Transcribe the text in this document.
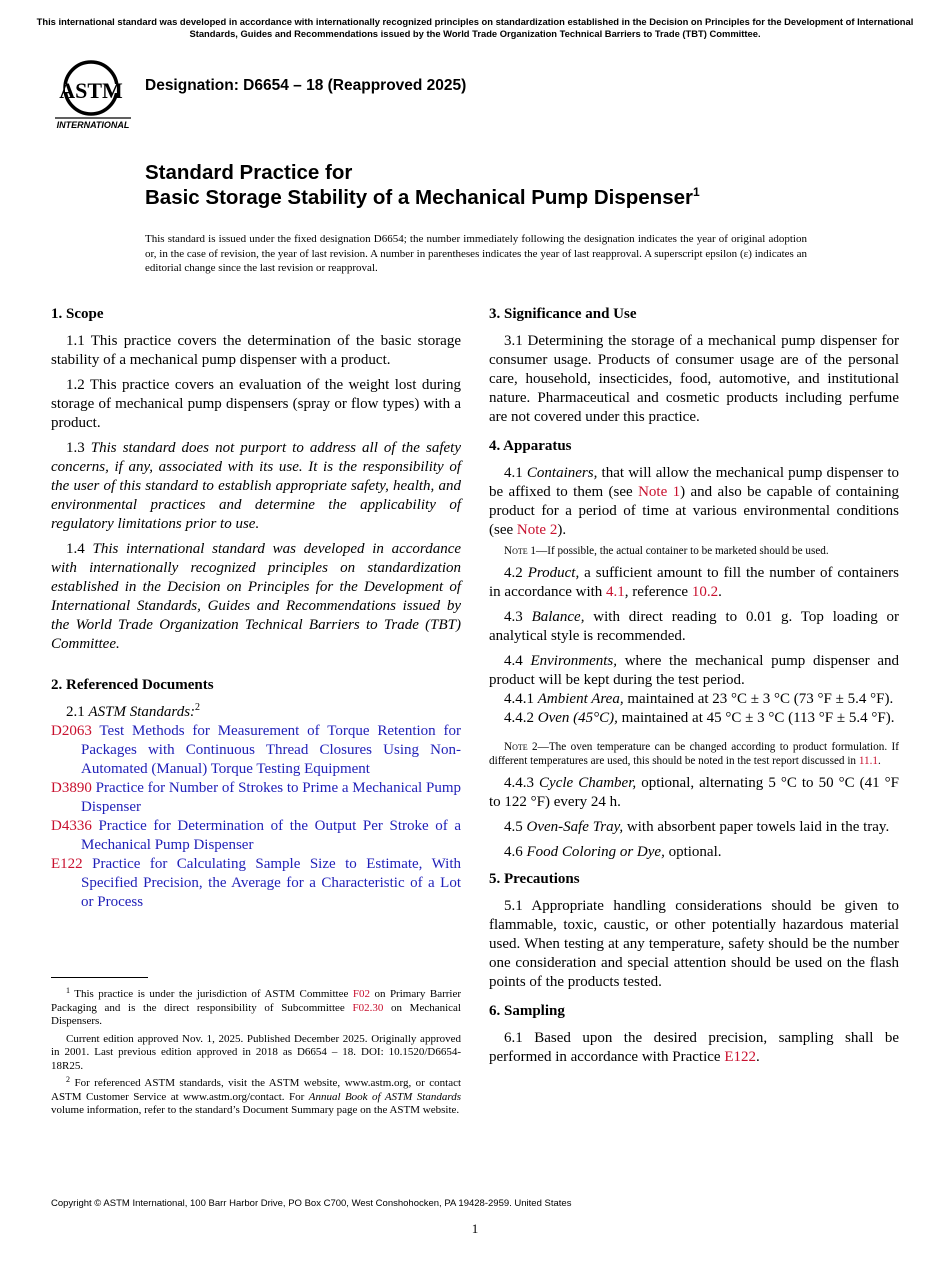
This international standard was developed in accordance with internationally recognized principles on standardization established in the Decision on Principles for the Development of International Standards, Guides and Recommendations issued by the World Trade Organization Technical Barriers to Trade (TBT) Committee.

ASTM
INTERNATIONAL

Designation: D6654 – 18 (Reapproved 2025)

Standard Practice for
Basic Storage Stability of a Mechanical Pump Dispenser$^1$

This standard is issued under the fixed designation D6654; the number immediately following the designation indicates the year of original adoption or, in the case of revision, the year of last revision. A number in parentheses indicates the year of last reapproval. A superscript epsilon (ε) indicates an editorial change since the last revision or reapproval.

1. Scope

1.1 This practice covers the determination of the basic storage stability of a mechanical pump dispenser with a product.

1.2 This practice covers an evaluation of the weight lost during storage of mechanical pump dispensers (spray or flow types) with a product.

1.3 This standard does not purport to address all of the safety concerns, if any, associated with its use. It is the responsibility of the user of this standard to establish appropriate safety, health, and environmental practices and determine the applicability of regulatory limitations prior to use.

1.4 This international standard was developed in accordance with internationally recognized principles on standardization established in the Decision on Principles for the Development of International Standards, Guides and Recommendations issued by the World Trade Organization Technical Barriers to Trade (TBT) Committee.

2. Referenced Documents

2.1 ASTM Standards:$^2$

D2063 Test Methods for Measurement of Torque Retention for Packages with Continuous Thread Closures Using Non-Automated (Manual) Torque Testing Equipment

D3890 Practice for Number of Strokes to Prime a Mechanical Pump Dispenser

D4336 Practice for Determination of the Output Per Stroke of a Mechanical Pump Dispenser

E122 Practice for Calculating Sample Size to Estimate, With Specified Precision, the Average for a Characteristic of a Lot or Process

$^1$ This practice is under the jurisdiction of ASTM Committee F02 on Primary Barrier Packaging and is the direct responsibility of Subcommittee F02.30 on Mechanical Dispensers.

Current edition approved Nov. 1, 2025. Published December 2025. Originally approved in 2001. Last previous edition approved in 2018 as D6654 – 18. DOI: 10.1520/D6654-18R25.

$^2$ For referenced ASTM standards, visit the ASTM website, www.astm.org, or contact ASTM Customer Service at www.astm.org/contact. For Annual Book of ASTM Standards volume information, refer to the standard’s Document Summary page on the ASTM website.

3. Significance and Use

3.1 Determining the storage of a mechanical pump dispenser for consumer usage. Products of consumer usage are of the personal care, household, insecticides, food, automotive, and institutional nature. Pharmaceutical and cosmetic products including perfume are not covered under this practice.

4. Apparatus

4.1 Containers, that will allow the mechanical pump dispenser to be affixed to them (see Note 1) and also be capable of containing product for a period of time at various environmental conditions (see Note 2).

Note 1—If possible, the actual container to be marketed should be used.

4.2 Product, a sufficient amount to fill the number of containers in accordance with 4.1, reference 10.2.

4.3 Balance, with direct reading to 0.01 g. Top loading or analytical style is recommended.

4.4 Environments, where the mechanical pump dispenser and product will be kept during the test period.

4.4.1 Ambient Area, maintained at 23 °C ± 3 °C (73 °F ± 5.4 °F).

4.4.2 Oven (45°C), maintained at 45 °C ± 3 °C (113 °F ± 5.4 °F).

Note 2—The oven temperature can be changed according to product formulation. If different temperatures are used, this should be noted in the test report discussed in 11.1.

4.4.3 Cycle Chamber, optional, alternating 5 °C to 50 °C (41 °F to 122 °F) every 24 h.

4.5 Oven-Safe Tray, with absorbent paper towels laid in the tray.

4.6 Food Coloring or Dye, optional.

5. Precautions

5.1 Appropriate handling considerations should be given to flammable, toxic, caustic, or other potentially hazardous material used. When testing at any temperature, safety should be the number one consideration and special attention should be used on the flash points of the products tested.

6. Sampling

6.1 Based upon the desired precision, sampling shall be performed in accordance with Practice E122.

Copyright © ASTM International, 100 Barr Harbor Drive, PO Box C700, West Conshohocken, PA 19428-2959. United States

1
